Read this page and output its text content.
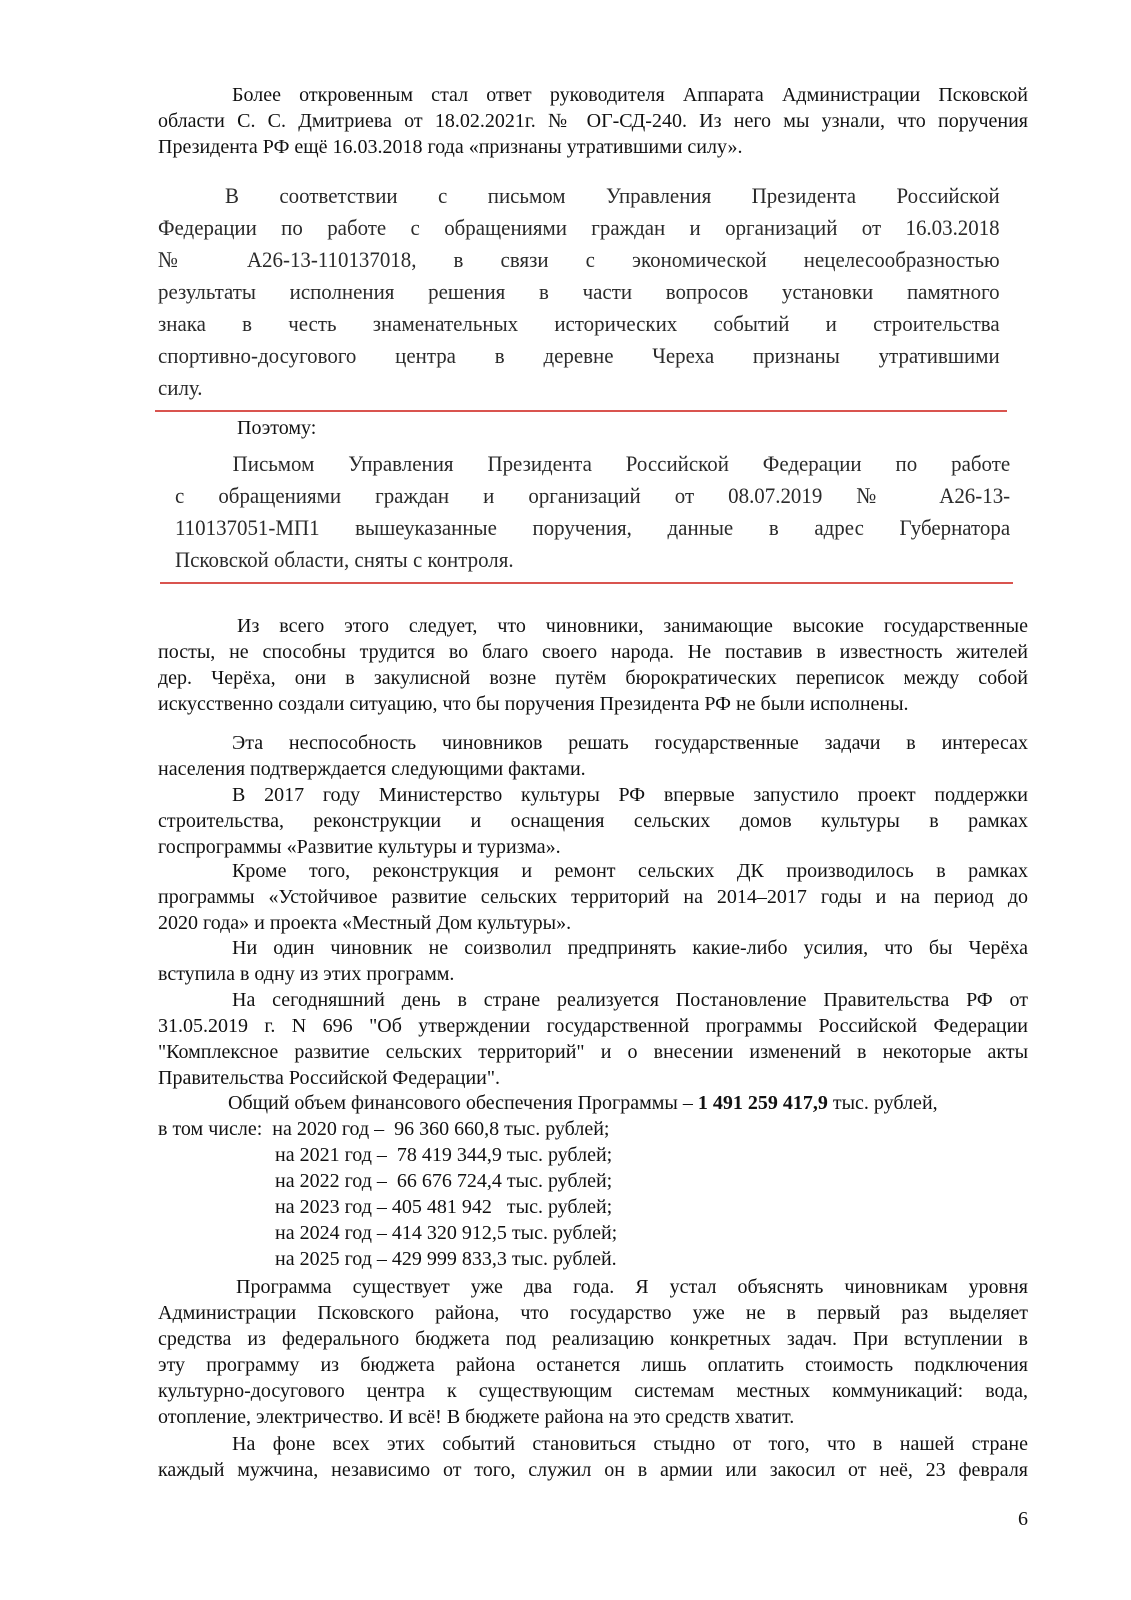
Общий объем финансового обеспечения Программы – 1 491 259 417,9 тыс. рублей,
в том числе:  на 2020 год –  96 360 660,8 тыс. рублей;
на 2021 год –  78 419 344,9 тыс. рублей;
на 2022 год –  66 676 724,4 тыс. рублей;
на 2023 год – 405 481 942   тыс. рублей;
на 2024 год – 414 320 912,5 тыс. рублей;
на 2025 год – 429 999 833,3 тыс. рублей.
6
Более откровенным стал ответ руководителя Аппарата Администрации Псковской
области С. С. Дмитриева от 18.02.2021г. № ОГ-СД-240. Из него мы узнали, что поручения
Президента РФ ещё 16.03.2018 года «признаны утратившими силу».
В соответствии с письмом Управления Президента Российской
Федерации по работе с обращениями граждан и организаций от 16.03.2018
№ А26-13-110137018, в связи с экономической нецелесообразностью
результаты исполнения решения в части вопросов установки памятного
знака в честь знаменательных исторических событий и строительства
спортивно-досугового центра в деревне Череха признаны утратившими
силу.
Поэтому:
Письмом Управления Президента Российской Федерации по работе
с обращениями граждан и организаций от 08.07.2019 № А26-13-
110137051-МП1 вышеуказанные поручения, данные в адрес Губернатора
Псковской области, сняты с контроля.
Из всего этого следует, что чиновники, занимающие высокие государственные
посты, не способны трудится во благо своего народа. Не поставив в известность жителей
дер. Черёха, они в закулисной возне путём бюрократических переписок между собой
искусственно создали ситуацию, что бы поручения Президента РФ не были исполнены.
Эта неспособность чиновников решать государственные задачи в интересах
населения подтверждается следующими фактами.
В 2017 году Министерство культуры РФ впервые запустило проект поддержки
строительства, реконструкции и оснащения сельских домов культуры в рамках
госпрограммы «Развитие культуры и туризма».
Кроме того, реконструкция и ремонт сельских ДК производилось в рамках
программы «Устойчивое развитие сельских территорий на 2014–2017 годы и на период до
2020 года» и проекта «Местный Дом культуры».
Ни один чиновник не соизволил предпринять какие-либо усилия, что бы Черёха
вступила в одну из этих программ.
На сегодняшний день в стране реализуется Постановление Правительства РФ от
31.05.2019 г. N 696 "Об утверждении государственной программы Российской Федерации
"Комплексное развитие сельских территорий" и о внесении изменений в некоторые акты
Правительства Российской Федерации".
Программа существует уже два года. Я устал объяснять чиновникам уровня
Администрации Псковского района, что государство уже не в первый раз выделяет
средства из федерального бюджета под реализацию конкретных задач. При вступлении в
эту программу из бюджета района останется лишь оплатить стоимость подключения
культурно-досугового центра к существующим системам местных коммуникаций: вода,
отопление, электричество. И всё! В бюджете района на это средств хватит.
На фоне всех этих событий становиться стыдно от того, что в нашей стране
каждый мужчина, независимо от того, служил он в армии или закосил от неё, 23 февраля
